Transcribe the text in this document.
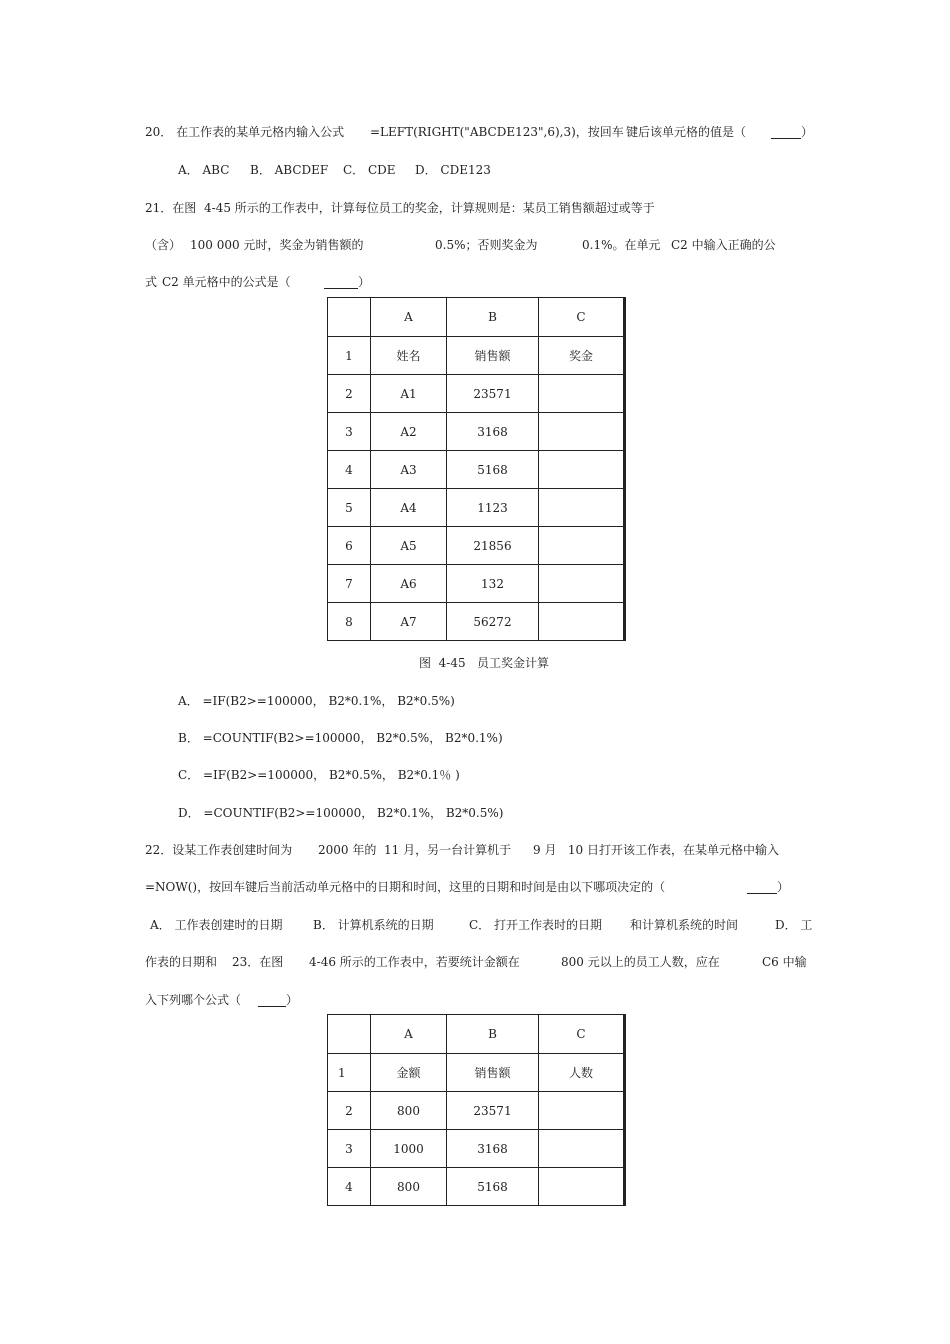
20． 在工作表的某单元格内输入公式 =LEFT(RIGHT("ABCDE123",6),3)，按回车 键后该单元格的值是（	）
A． ABC B． ABCDEF C． CDE D． CDE123
21．在图 4-45 所示的工作表中，计算每位员工的奖金，计算规则是：某员工销售额超过或等于
（含） 100 000 元时，奖金为销售额的	0.5%；否则奖金为	0.1%。在单元 C2 中输入正确的公
式 C2 单元格中的公式是（	）
	A	B	C
1	姓名	销售额	奖金
2	A1	23571	
3	A2	3168	
4	A3	5168	
5	A4	1123	
6	A5	21856	
7	A6	132	
8	A7	56272	
图  4-45   员工奖金计算
A． =IF(B2>=100000， B2*0.1%， B2*0.5%)
B． =COUNTIF(B2>=100000， B2*0.5%， B2*0.1%)
C． =IF(B2>=100000， B2*0.5%， B2*0.1％ )
D． =COUNTIF(B2>=100000， B2*0.1%， B2*0.5%)
22．设某工作表创建时间为 2000 年的 11 月，另一台计算机于 9 月   10 日打开该工作表，在某单元格中输入
=NOW()，按回车键后当前活动单元格中的日期和时间，这里的日期和时间是由以下哪项决定的（	）
A． 工作表创建时的日期	B． 计算机系统的日期	C． 打开工作表时的日期 和计算机系统的时间	D． 工
作表的日期和 23．在图 4-46 所示的工作表中，若要统计金额在	800 元以上的员工人数，应在	C6 中输
入下列哪个公式（	）
	A	B	C
1	金额	销售额	人数
2	800	23571	
3	1000	3168	
4	800	5168	
